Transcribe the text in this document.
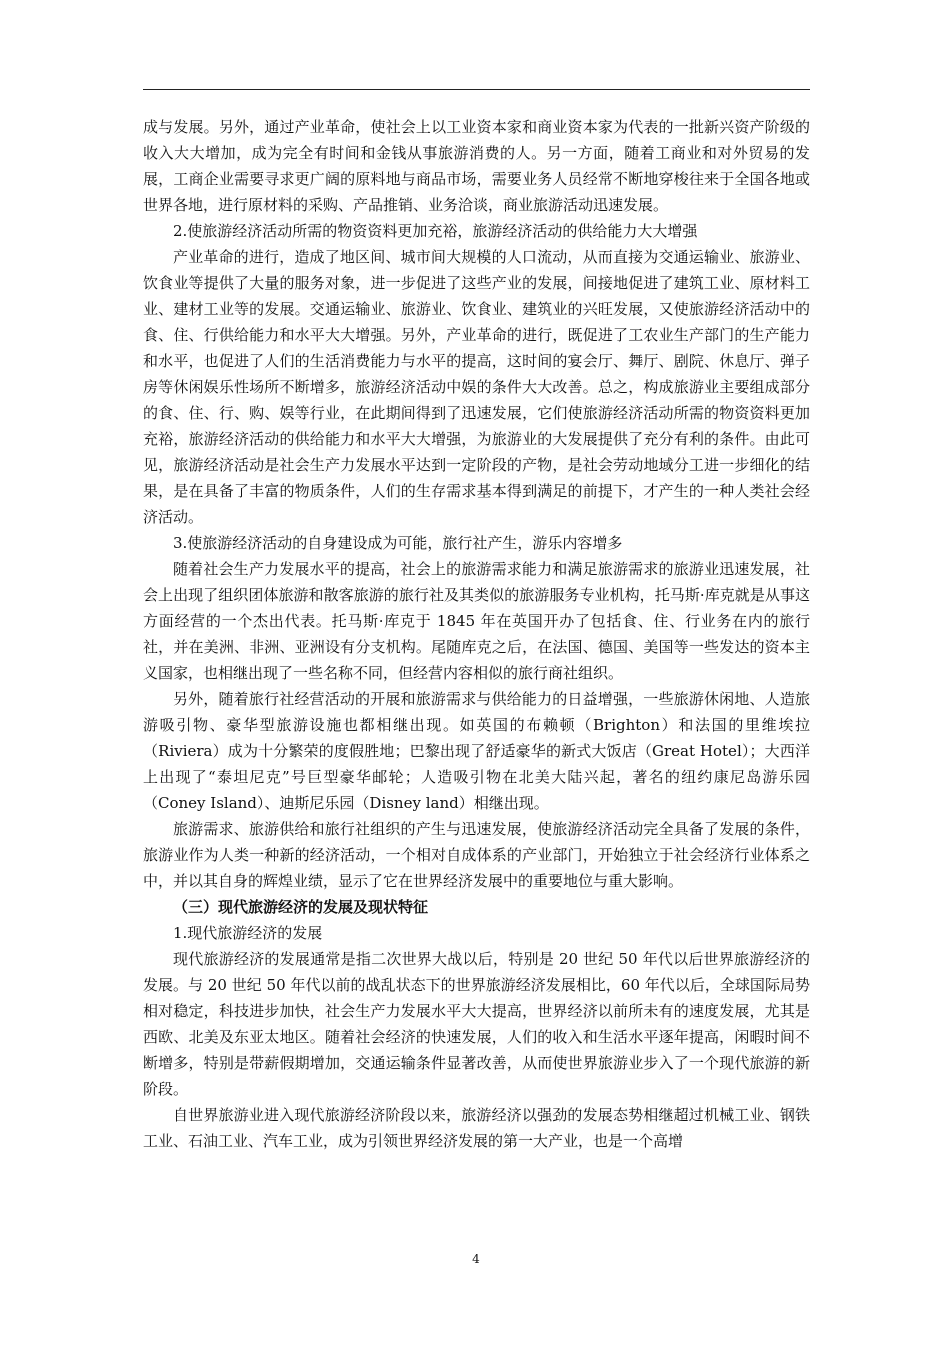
成与发展。另外，通过产业革命，使社会上以工业资本家和商业资本家为代表的一批新兴资产阶级的收入大大增加，成为完全有时间和金钱从事旅游消费的人。另一方面，随着工商业和对外贸易的发展，工商企业需要寻求更广阔的原料地与商品市场，需要业务人员经常不断地穿梭往来于全国各地或世界各地，进行原材料的采购、产品推销、业务洽谈，商业旅游活动迅速发展。

2.使旅游经济活动所需的物资资料更加充裕，旅游经济活动的供给能力大大增强

产业革命的进行，造成了地区间、城市间大规模的人口流动，从而直接为交通运输业、旅游业、饮食业等提供了大量的服务对象，进一步促进了这些产业的发展，间接地促进了建筑工业、原材料工业、建材工业等的发展。交通运输业、旅游业、饮食业、建筑业的兴旺发展，又使旅游经济活动中的食、住、行供给能力和水平大大增强。另外，产业革命的进行，既促进了工农业生产部门的生产能力和水平，也促进了人们的生活消费能力与水平的提高，这时间的宴会厅、舞厅、剧院、休息厅、弹子房等休闲娱乐性场所不断增多，旅游经济活动中娱的条件大大改善。总之，构成旅游业主要组成部分的食、住、行、购、娱等行业，在此期间得到了迅速发展，它们使旅游经济活动所需的物资资料更加充裕，旅游经济活动的供给能力和水平大大增强，为旅游业的大发展提供了充分有利的条件。由此可见，旅游经济活动是社会生产力发展水平达到一定阶段的产物，是社会劳动地域分工进一步细化的结果，是在具备了丰富的物质条件，人们的生存需求基本得到满足的前提下，才产生的一种人类社会经济活动。

3.使旅游经济活动的自身建设成为可能，旅行社产生，游乐内容增多

随着社会生产力发展水平的提高，社会上的旅游需求能力和满足旅游需求的旅游业迅速发展，社会上出现了组织团体旅游和散客旅游的旅行社及其类似的旅游服务专业机构，托马斯·库克就是从事这方面经营的一个杰出代表。托马斯·库克于 1845 年在英国开办了包括食、住、行业务在内的旅行社，并在美洲、非洲、亚洲设有分支机构。尾随库克之后，在法国、德国、美国等一些发达的资本主义国家，也相继出现了一些名称不同，但经营内容相似的旅行商社组织。

另外，随着旅行社经营活动的开展和旅游需求与供给能力的日益增强，一些旅游休闲地、人造旅游吸引物、豪华型旅游设施也都相继出现。如英国的布赖顿（Brighton）和法国的里维埃拉（Riviera）成为十分繁荣的度假胜地；巴黎出现了舒适豪华的新式大饭店（Great Hotel）；大西洋上出现了“泰坦尼克”号巨型豪华邮轮；人造吸引物在北美大陆兴起，著名的纽约康尼岛游乐园（Coney Island）、迪斯尼乐园（Disney land）相继出现。

旅游需求、旅游供给和旅行社组织的产生与迅速发展，使旅游经济活动完全具备了发展的条件，旅游业作为人类一种新的经济活动，一个相对自成体系的产业部门，开始独立于社会经济行业体系之中，并以其自身的辉煌业绩，显示了它在世界经济发展中的重要地位与重大影响。

（三）现代旅游经济的发展及现状特征

1.现代旅游经济的发展

现代旅游经济的发展通常是指二次世界大战以后，特别是 20 世纪 50 年代以后世界旅游经济的发展。与 20 世纪 50 年代以前的战乱状态下的世界旅游经济发展相比，60 年代以后，全球国际局势相对稳定，科技进步加快，社会生产力发展水平大大提高，世界经济以前所未有的速度发展，尤其是西欧、北美及东亚太地区。随着社会经济的快速发展，人们的收入和生活水平逐年提高，闲暇时间不断增多，特别是带薪假期增加，交通运输条件显著改善，从而使世界旅游业步入了一个现代旅游的新阶段。

自世界旅游业进入现代旅游经济阶段以来，旅游经济以强劲的发展态势相继超过机械工业、钢铁工业、石油工业、汽车工业，成为引领世界经济发展的第一大产业，也是一个高增

4
